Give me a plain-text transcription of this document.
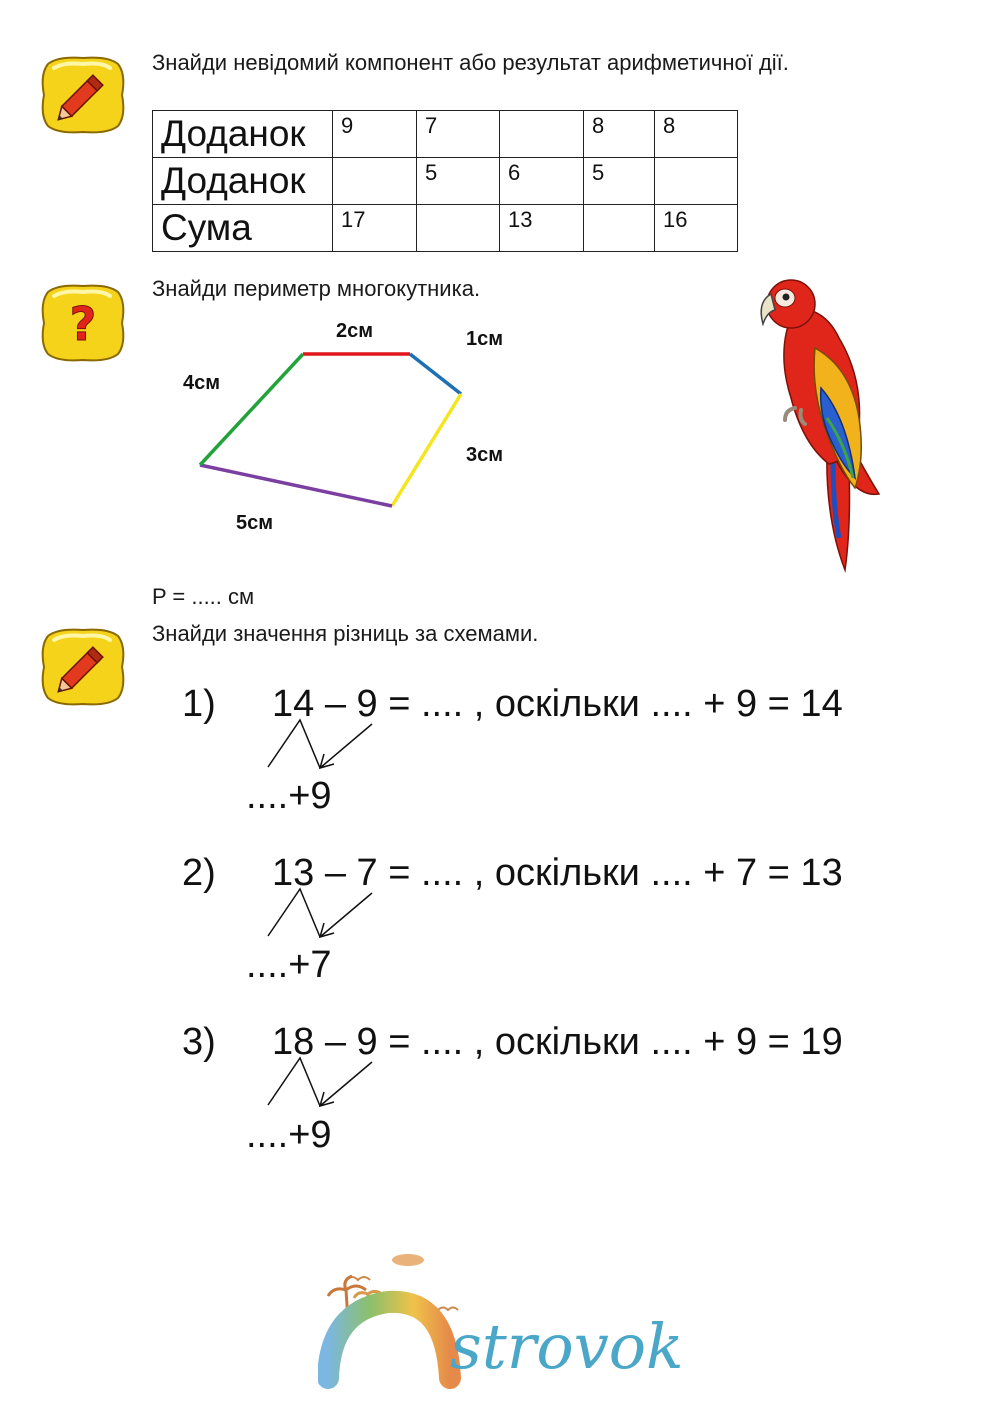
Знайди невідомий компонент або результат арифметичної дії.
Доданок	9	7		8	8
Доданок		5	6	5	
Сума	17		13		16
?
Знайди периметр многокутника.
2см	1см
4см
3см
5см
P = ..... см
Знайди значення різниць за схемами.
1) 14 – 9 = .... , оскільки .... + 9 = 14
....+9
2) 13 – 7 = .... , оскільки .... + 7 = 13
....+7
3) 18 – 9 = .... , оскільки .... + 9 = 19
....+9
strovok
